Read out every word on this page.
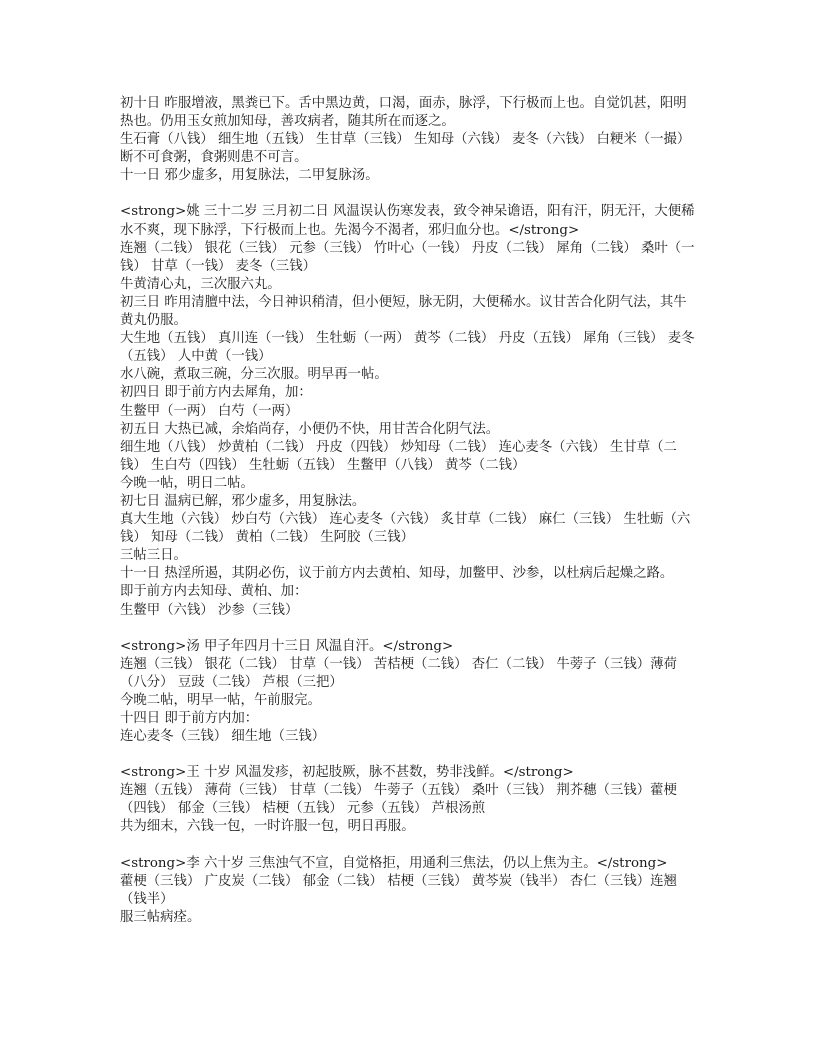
初十日 昨服增液，黑粪已下。舌中黑边黄，口渴，面赤，脉浮，下行极而上也。自觉饥甚，阳明热也。仍用玉女煎加知母，善攻病者，随其所在而逐之。
生石膏（八钱） 细生地（五钱） 生甘草（三钱） 生知母（六钱） 麦冬（六钱） 白粳米（一撮）
断不可食粥，食粥则患不可言。
十一日 邪少虚多，用复脉法，二甲复脉汤。
<strong>姚 三十二岁 三月初二日 风温误认伤寒发表，致令神呆谵语，阳有汗，阴无汗，大便稀水不爽，现下脉浮，下行极而上也。先渴今不渴者，邪归血分也。</strong>
连翘（二钱） 银花（三钱） 元参（三钱） 竹叶心（一钱） 丹皮（二钱） 犀角（二钱） 桑叶（一钱） 甘草（一钱） 麦冬（三钱）
牛黄清心丸，三次服六丸。
初三日 昨用清膻中法，今日神识稍清，但小便短，脉无阴，大便稀水。议甘苦合化阴气法，其牛黄丸仍服。
大生地（五钱） 真川连（一钱） 生牡蛎（一两） 黄芩（二钱） 丹皮（五钱） 犀角（三钱） 麦冬（五钱） 人中黄（一钱）
水八碗，煮取三碗，分三次服。明早再一帖。
初四日 即于前方内去犀角，加：
生鳖甲（一两） 白芍（一两）
初五日 大热已减，余焰尚存，小便仍不快，用甘苦合化阴气法。
细生地（八钱） 炒黄柏（二钱） 丹皮（四钱） 炒知母（二钱） 连心麦冬（六钱） 生甘草（二钱） 生白芍（四钱） 生牡蛎（五钱） 生鳖甲（八钱） 黄芩（二钱）
今晚一帖，明日二帖。
初七日 温病已解，邪少虚多，用复脉法。
真大生地（六钱） 炒白芍（六钱） 连心麦冬（六钱） 炙甘草（二钱） 麻仁（三钱） 生牡蛎（六钱） 知母（二钱） 黄柏（二钱） 生阿胶（三钱）
三帖三日。
十一日 热淫所遏，其阴必伤，议于前方内去黄柏、知母，加鳖甲、沙参，以杜病后起燥之路。
即于前方内去知母、黄柏、加：
生鳖甲（六钱） 沙参（三钱）
<strong>汤 甲子年四月十三日 风温自汗。</strong>
连翘（三钱） 银花（二钱） 甘草（一钱） 苦桔梗（二钱） 杏仁（二钱） 牛蒡子（三钱）薄荷（八分） 豆豉（二钱） 芦根（三把）
今晚二帖，明早一帖，午前服完。
十四日 即于前方内加：
连心麦冬（三钱） 细生地（三钱）
<strong>王 十岁 风温发疹，初起肢厥，脉不甚数，势非浅鲜。</strong>
连翘（五钱） 薄荷（三钱） 甘草（二钱） 牛蒡子（五钱） 桑叶（三钱） 荆芥穗（三钱）藿梗（四钱） 郁金（三钱） 桔梗（五钱） 元参（五钱） 芦根汤煎
共为细末，六钱一包，一时许服一包，明日再服。
<strong>李 六十岁 三焦浊气不宣，自觉格拒，用通利三焦法，仍以上焦为主。</strong>
藿梗（三钱） 广皮炭（二钱） 郁金（二钱） 桔梗（三钱） 黄芩炭（钱半） 杏仁（三钱）连翘（钱半）
服三帖病痊。
